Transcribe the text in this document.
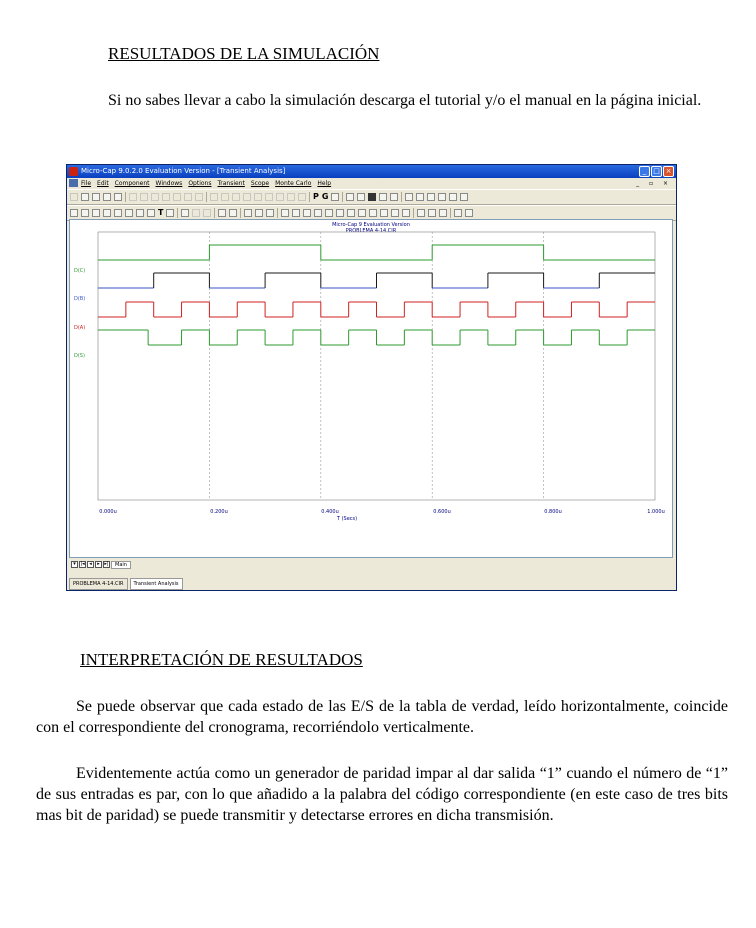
RESULTADOS DE LA SIMULACIÓN
Si no sabes llevar a cabo la simulación descarga el tutorial y/o el manual en la página inicial.
Micro-Cap 9.0.2.0 Evaluation Version - [Transient Analysis]	_ □ ×
File Edit Component Windows Options Transient Scope Monte Carlo Help	_ ▫ ×
P G
T
Micro-Cap 9 Evaluation Version
PROBLEMA 4-14.CIR
D(C)
D(B)
D(A)
D(S)
0.000u	0.200u	0.400u	0.600u	0.800u	1.000u
T (Secs)
▾ |◂ ◂	▸ ▸|	Main
PROBLEMA 4-14.CIR	Transient Analysis
INTERPRETACIÓN DE RESULTADOS
Se puede observar que cada estado de las E/S de la tabla de verdad, leído horizontalmente, coincide con el correspondiente del cronograma, recorriéndolo verticalmente.
Evidentemente actúa como un generador de paridad impar al dar salida “1” cuando el número de “1” de sus entradas es par, con lo que añadido a la palabra del código correspondiente (en este caso de tres bits mas bit de paridad) se puede transmitir y detectarse errores en dicha transmisión.
